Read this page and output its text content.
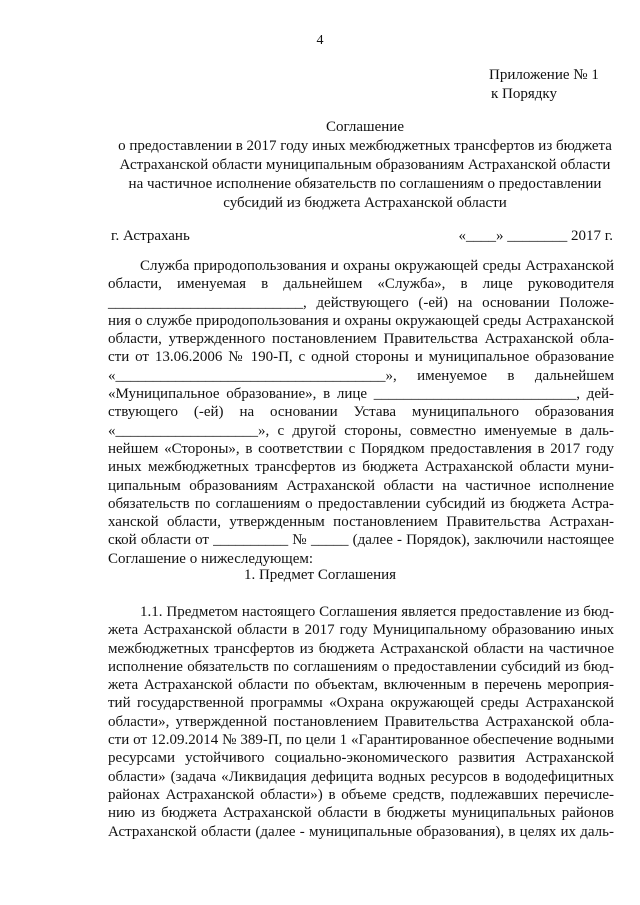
4
Приложение № 1
к Порядку
Соглашение
о предоставлении в 2017 году иных межбюджетных трансфертов из бюджета
Астраханской области муниципальным образованиям Астраханской области
на частичное исполнение обязательств по соглашениям о предоставлении
субсидий из бюджета Астраханской области
г. Астрахань	«____» ________ 2017 г.
Служба природопользования и охраны окружающей среды Астраханской
области, именуемая в дальнейшем «Служба», в лице руководителя
__________________________, действующего (-ей) на основании Положе-
ния о службе природопользования и охраны окружающей среды Астраханской
области, утвержденного постановлением Правительства Астраханской обла-
сти от 13.06.2006 № 190-П, с одной стороны и муниципальное образование
«____________________________________», именуемое в дальнейшем
«Муниципальное образование», в лице ___________________________, дей-
ствующего (-ей) на основании Устава муниципального образования
«___________________», с другой стороны, совместно именуемые в даль-
нейшем «Стороны», в соответствии с Порядком предоставления в 2017 году
иных межбюджетных трансфертов из бюджета Астраханской области муни-
ципальным образованиям Астраханской области на частичное исполнение
обязательств по соглашениям о предоставлении субсидий из бюджета Астра-
ханской области, утвержденным постановлением Правительства Астрахан-
ской области от __________ № _____ (далее - Порядок), заключили настоящее
Соглашение о нижеследующем:
1. Предмет Соглашения
1.1. Предметом настоящего Соглашения является предоставление из бюд-
жета Астраханской области в 2017 году Муниципальному образованию иных
межбюджетных трансфертов из бюджета Астраханской области на частичное
исполнение обязательств по соглашениям о предоставлении субсидий из бюд-
жета Астраханской области по объектам, включенным в перечень мероприя-
тий государственной программы «Охрана окружающей среды Астраханской
области», утвержденной постановлением Правительства Астраханской обла-
сти от 12.09.2014 № 389-П, по цели 1 «Гарантированное обеспечение водными
ресурсами устойчивого социально-экономического развития Астраханской
области» (задача «Ликвидация дефицита водных ресурсов в вододефицитных
районах Астраханской области») в объеме средств, подлежавших перечисле-
нию из бюджета Астраханской области в бюджеты муниципальных районов
Астраханской области (далее - муниципальные образования), в целях их даль-
